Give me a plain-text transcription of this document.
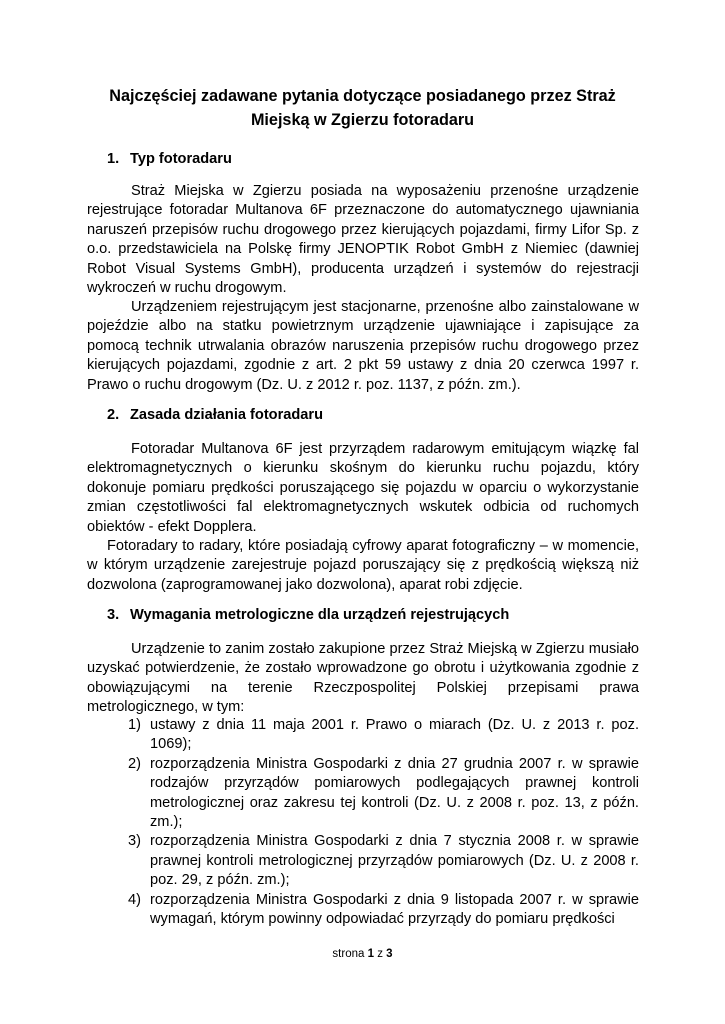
Najczęściej zadawane pytania dotyczące posiadanego przez Straż Miejską w Zgierzu fotoradaru
1. Typ fotoradaru

Straż Miejska w Zgierzu posiada na wyposażeniu przenośne urządzenie rejestrujące fotoradar Multanova 6F przeznaczone do automatycznego ujawniania naruszeń przepisów ruchu drogowego przez kierujących pojazdami, firmy Lifor Sp. z o.o. przedstawiciela na Polskę firmy JENOPTIK Robot GmbH z Niemiec (dawniej Robot Visual Systems GmbH), producenta urządzeń i systemów do rejestracji wykroczeń w ruchu drogowym.

Urządzeniem rejestrującym jest stacjonarne, przenośne albo zainstalowane w pojeździe albo na statku powietrznym urządzenie ujawniające i zapisujące za pomocą technik utrwalania obrazów naruszenia przepisów ruchu drogowego przez kierujących pojazdami, zgodnie z art. 2 pkt 59 ustawy z dnia 20 czerwca 1997 r. Prawo o ruchu drogowym (Dz. U. z 2012 r. poz. 1137, z późn. zm.).

2. Zasada działania fotoradaru

Fotoradar Multanova 6F jest przyrządem radarowym emitującym wiązkę fal elektromagnetycznych o kierunku skośnym do kierunku ruchu pojazdu, który dokonuje pomiaru prędkości poruszającego się pojazdu w oparciu o wykorzystanie zmian częstotliwości fal elektromagnetycznych wskutek odbicia od ruchomych obiektów - efekt Dopplera.

Fotoradary to radary, które posiadają cyfrowy aparat fotograficzny – w momencie, w którym urządzenie zarejestruje pojazd poruszający się z prędkością większą niż dozwolona (zaprogramowanej jako dozwolona), aparat robi zdjęcie.

3. Wymagania metrologiczne dla urządzeń rejestrujących

Urządzenie to zanim zostało zakupione przez Straż Miejską w Zgierzu musiało uzyskać potwierdzenie, że zostało wprowadzone go obrotu i użytkowania zgodnie z obowiązującymi na terenie Rzeczpospolitej Polskiej przepisami prawa metrologicznego, w tym:

1) ustawy z dnia 11 maja 2001 r. Prawo o miarach (Dz. U. z 2013 r. poz. 1069);
2) rozporządzenia Ministra Gospodarki z dnia 27 grudnia 2007 r. w sprawie rodzajów przyrządów pomiarowych podlegających prawnej kontroli metrologicznej oraz zakresu tej kontroli (Dz. U. z 2008 r. poz. 13, z późn. zm.);
3) rozporządzenia Ministra Gospodarki z dnia 7 stycznia 2008 r. w sprawie prawnej kontroli metrologicznej przyrządów pomiarowych (Dz. U. z 2008 r. poz. 29, z późn. zm.);
4) rozporządzenia Ministra Gospodarki z dnia 9 listopada 2007 r. w sprawie wymagań, którym powinny odpowiadać przyrządy do pomiaru prędkości
strona 1 z 3
